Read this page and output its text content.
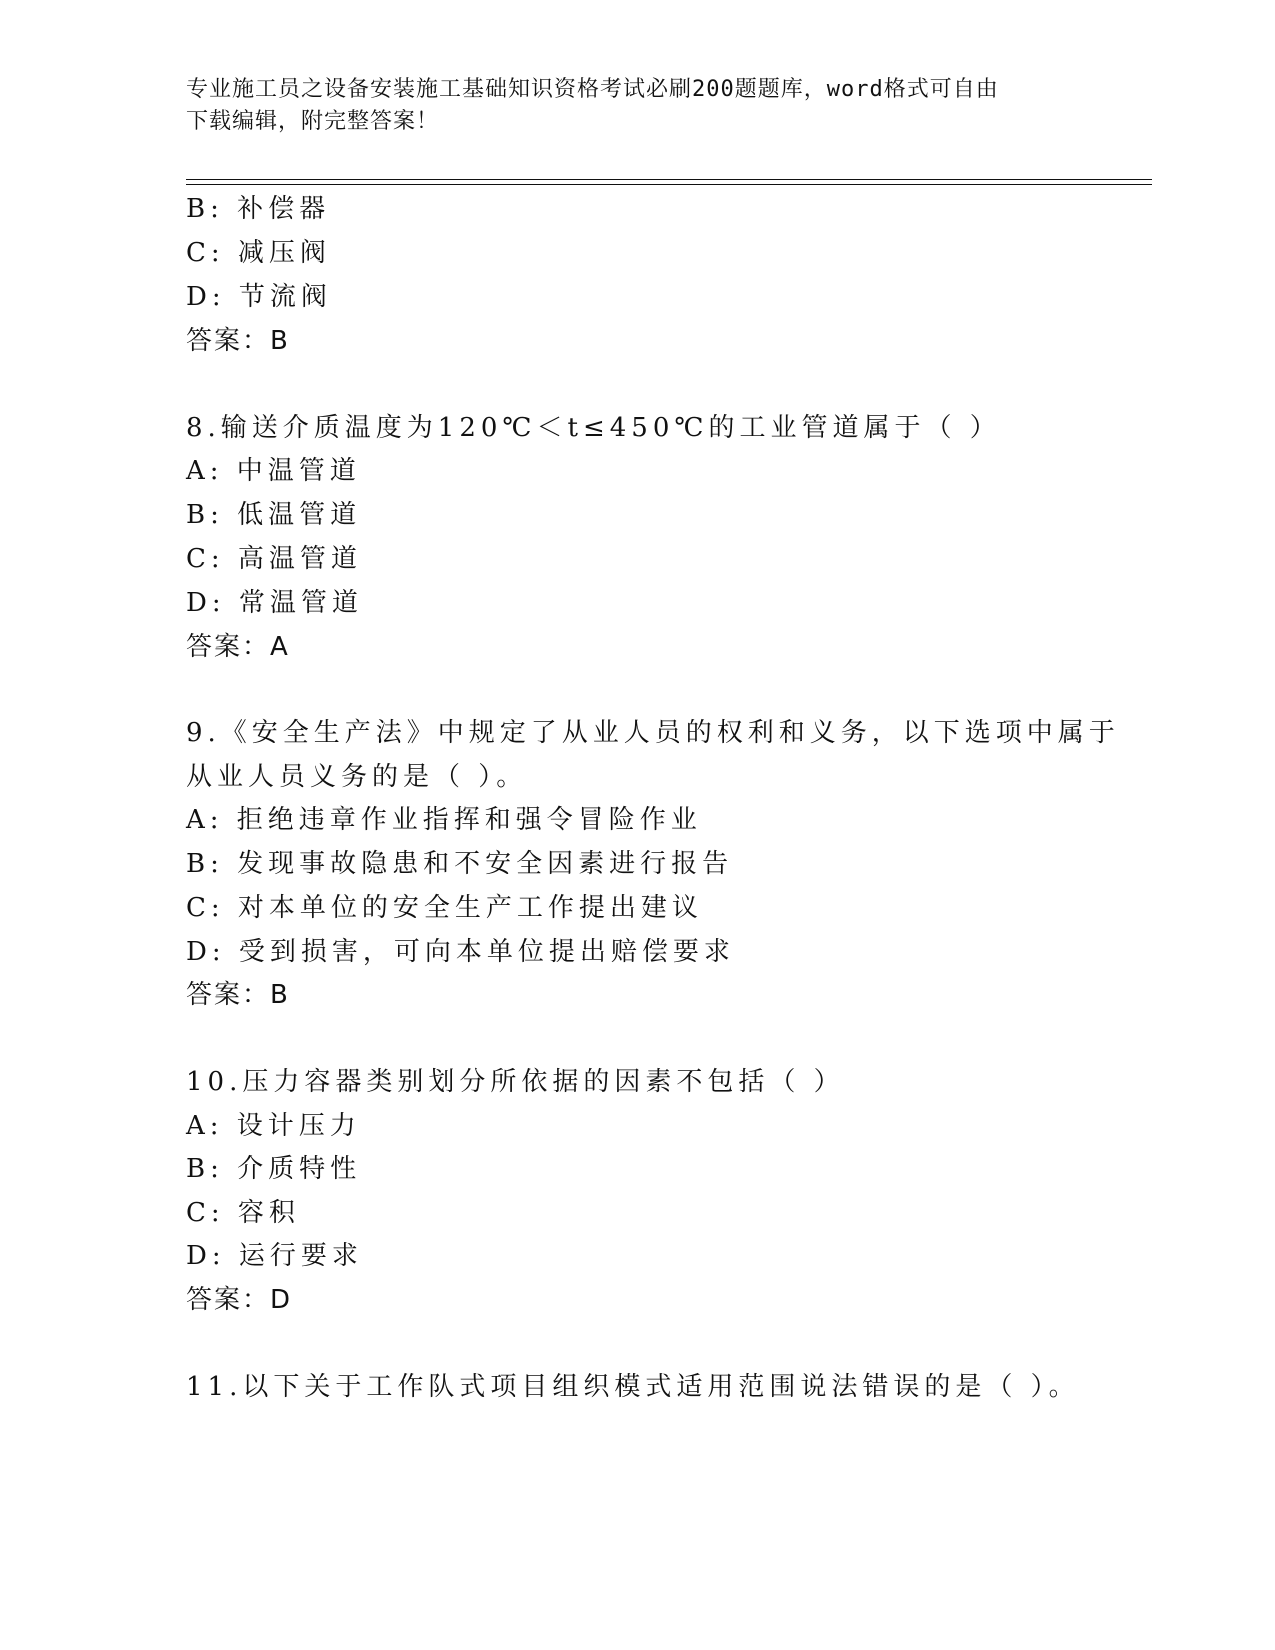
专业施工员之设备安装施工基础知识资格考试必刷200题题库，word格式可自由
下载编辑，附完整答案！
B: 补偿器
C: 减压阀
D: 节流阀
答案：B
8.输送介质温度为120℃＜t≤450℃的工业管道属于（ ）
A: 中温管道
B: 低温管道
C: 高温管道
D: 常温管道
答案：A
9.《安全生产法》中规定了从业人员的权利和义务，以下选项中属于
从业人员义务的是（ ）。
A: 拒绝违章作业指挥和强令冒险作业
B: 发现事故隐患和不安全因素进行报告
C: 对本单位的安全生产工作提出建议
D: 受到损害，可向本单位提出赔偿要求
答案：B
10.压力容器类别划分所依据的因素不包括（ ）
A: 设计压力
B: 介质特性
C: 容积
D: 运行要求
答案：D
11.以下关于工作队式项目组织模式适用范围说法错误的是（ ）。
